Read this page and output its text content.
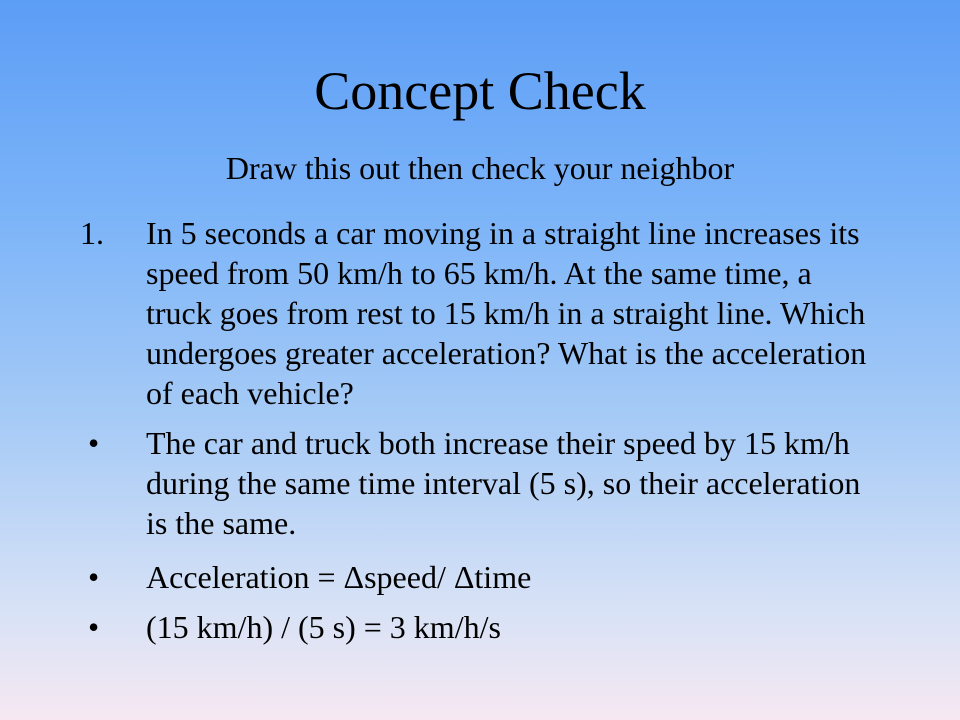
Concept Check
Draw this out then check your neighbor
1.	In 5 seconds a car moving in a straight line increases its speed from 50 km/h to 65 km/h. At the same time, a truck goes from rest to 15 km/h in a straight line. Which undergoes greater acceleration? What is the acceleration of each vehicle?
•	The car and truck both increase their speed by 15 km/h during the same time interval (5 s), so their acceleration is the same.
•	Acceleration = Δspeed/ Δtime
•	(15 km/h) / (5 s) = 3 km/h/s
